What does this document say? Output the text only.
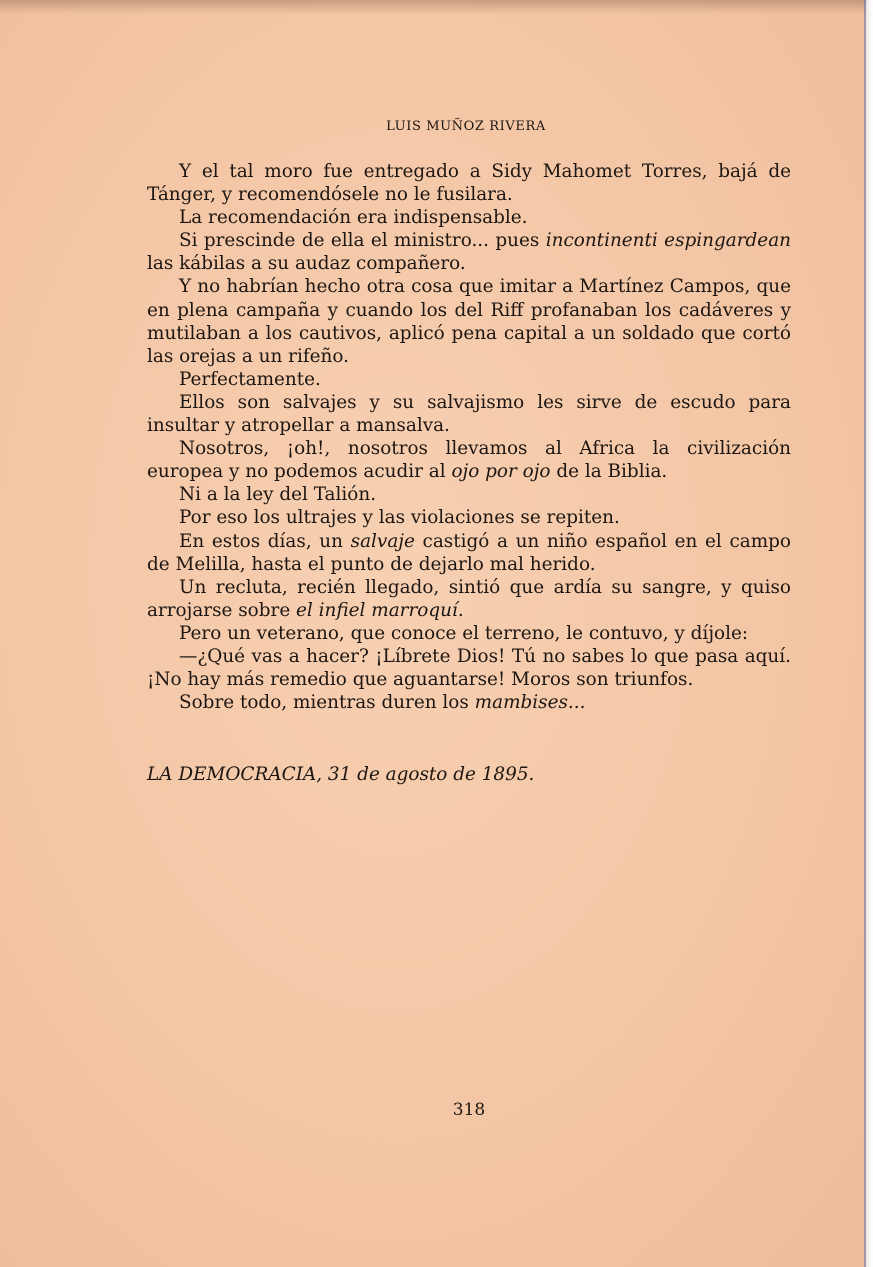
LUIS MUÑOZ RIVERA

Y el tal moro fue entregado a Sidy Mahomet Torres, bajá de Tánger, y recomendósele no le fusilara.

La recomendación era indispensable.

Si prescinde de ella el ministro... pues incontinenti espingardean las kábilas a su audaz compañero.

Y no habrían hecho otra cosa que imitar a Martínez Campos, que en plena campaña y cuando los del Riff profanaban los cadáveres y mutilaban a los cautivos, aplicó pena capital a un soldado que cortó las orejas a un rifeño.

Perfectamente.

Ellos son salvajes y su salvajismo les sirve de escudo para insultar y atropellar a mansalva.

Nosotros, ¡oh!, nosotros llevamos al Africa la civilización europea y no podemos acudir al ojo por ojo de la Biblia.

Ni a la ley del Talión.

Por eso los ultrajes y las violaciones se repiten.

En estos días, un salvaje castigó a un niño español en el campo de Melilla, hasta el punto de dejarlo mal herido.

Un recluta, recién llegado, sintió que ardía su sangre, y quiso arrojarse sobre el infiel marroquí.

Pero un veterano, que conoce el terreno, le contuvo, y díjole:

—¿Qué vas a hacer? ¡Líbrete Dios! Tú no sabes lo que pasa aquí. ¡No hay más remedio que aguantarse! Moros son triunfos.

Sobre todo, mientras duren los mambises...

LA DEMOCRACIA, 31 de agosto de 1895.
318
